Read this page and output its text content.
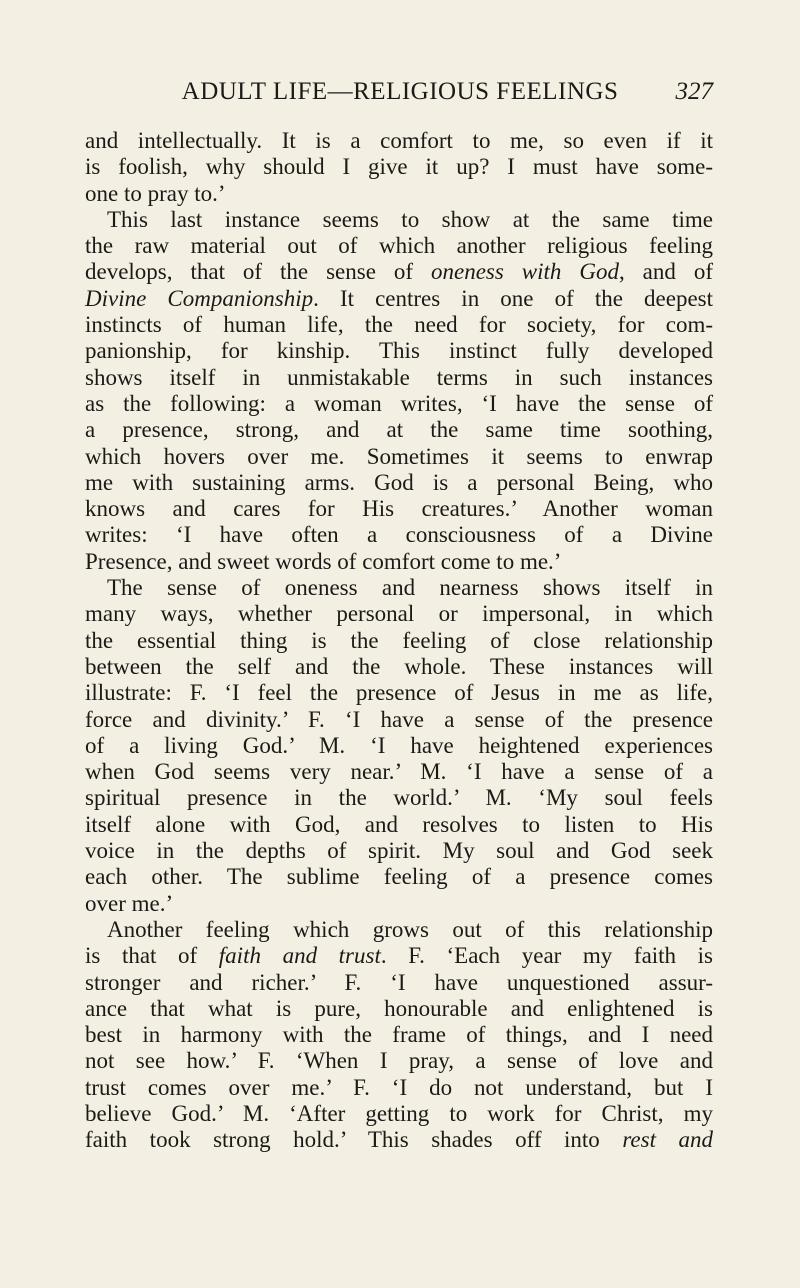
ADULT LIFE—RELIGIOUS FEELINGS	327
and intellectually. It is a comfort to me, so even if it
is foolish, why should I give it up? I must have some-
one to pray to.’
This last instance seems to show at the same time
the raw material out of which another religious feeling
develops, that of the sense of oneness with God, and of
Divine Companionship. It centres in one of the deepest
instincts of human life, the need for society, for com-
panionship, for kinship. This instinct fully developed
shows itself in unmistakable terms in such instances
as the following: a woman writes, ‘I have the sense of
a presence, strong, and at the same time soothing,
which hovers over me. Sometimes it seems to enwrap
me with sustaining arms. God is a personal Being, who
knows and cares for His creatures.’ Another woman
writes: ‘I have often a consciousness of a Divine
Presence, and sweet words of comfort come to me.’
The sense of oneness and nearness shows itself in
many ways, whether personal or impersonal, in which
the essential thing is the feeling of close relationship
between the self and the whole. These instances will
illustrate: F. ‘I feel the presence of Jesus in me as life,
force and divinity.’ F. ‘I have a sense of the presence
of a living God.’ M. ‘I have heightened experiences
when God seems very near.’ M. ‘I have a sense of a
spiritual presence in the world.’ M. ‘My soul feels
itself alone with God, and resolves to listen to His
voice in the depths of spirit. My soul and God seek
each other. The sublime feeling of a presence comes
over me.’
Another feeling which grows out of this relationship
is that of faith and trust. F. ‘Each year my faith is
stronger and richer.’ F. ‘I have unquestioned assur-
ance that what is pure, honourable and enlightened is
best in harmony with the frame of things, and I need
not see how.’ F. ‘When I pray, a sense of love and
trust comes over me.’ F. ‘I do not understand, but I
believe God.’ M. ‘After getting to work for Christ, my
faith took strong hold.’ This shades off into rest and
